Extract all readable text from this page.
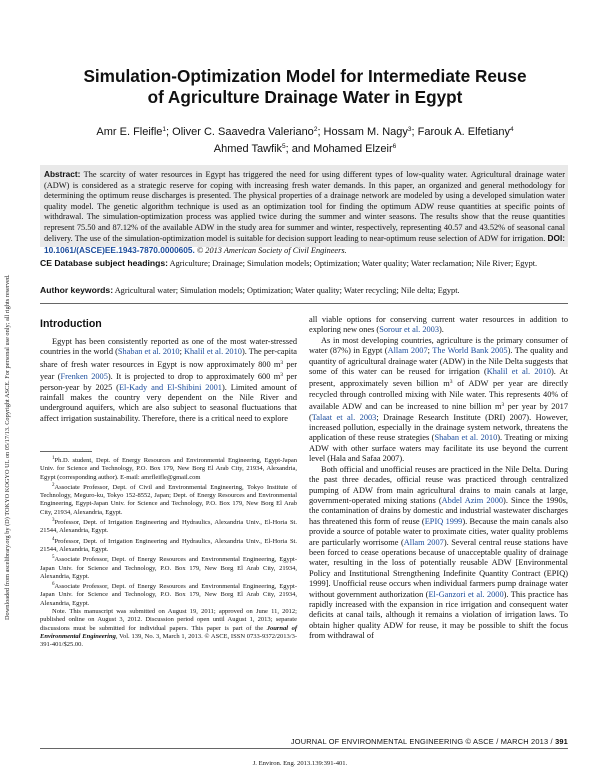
Downloaded from ascelibrary.org by (D) TOKYO KOGYO UL on 05/17/13. Copyright ASCE. For personal use only; all rights reserved.
Simulation-Optimization Model for Intermediate Reuse
of Agriculture Drainage Water in Egypt
Amr E. Fleifle$^1$; Oliver C. Saavedra Valeriano$^2$; Hossam M. Nagy$^3$; Farouk A. Elfetiany$^4$
Ahmed Tawfik$^5$; and Mohamed Elzeir$^6$
Abstract: The scarcity of water resources in Egypt has triggered the need for using different types of low-quality water. Agricultural drainage water (ADW) is considered as a strategic reserve for coping with increasing fresh water demands. In this paper, an organized and general methodology for determining the optimum reuse discharges is presented. The physical properties of a drainage network are modeled by using a developed simulation water quality model. The genetic algorithm technique is used as an optimization tool for finding the optimum ADW reuse quantities at specific points of withdrawal. The simulation-optimization process was applied twice during the summer and winter seasons. The results show that the reuse quantities represent 75.50 and 87.12% of the available ADW in the study area for summer and winter, respectively, representing 40.57 and 43.52% of seasonal canal delivery. The use of the simulation-optimization model is suitable for decision support leading to near-optimum reuse selection of ADW for irrigation. DOI: 10.1061/(ASCE)EE.1943-7870.0000605. © 2013 American Society of Civil Engineers.
CE Database subject headings: Agriculture; Drainage; Simulation models; Optimization; Water quality; Water reclamation; Nile River; Egypt.
Author keywords: Agricultural water; Simulation models; Optimization; Water quality; Water recycling; Nile delta; Egypt.
Introduction
Egypt has been consistently reported as one of the most water-stressed countries in the world (Shaban et al. 2010; Khalil et al. 2010). The per-capita share of fresh water resources in Egypt is now approximately 800 $m^3$ per year (Frenken 2005). It is projected to drop to approximately 600 $m^3$ per person-year by 2025 (El-Kady and El-Shibini 2001). Limited amount of rainfall makes the country very dependent on the Nile River and underground aquifers, which are also subject to seasonal fluctuations that affect irrigation sustainability. Therefore, there is a critical need to explore
$^1$Ph.D. student, Dept. of Energy Resources and Environmental Engineering, Egypt-Japan Univ. for Science and Technology, P.O. Box 179, New Borg El Arab City, 21934, Alexandria, Egypt (corresponding author). E-mail: amrfleifle@gmail.com
$^2$Associate Professor, Dept. of Civil and Environmental Engineering, Tokyo Institute of Technology, Meguro-ku, Tokyo 152-8552, Japan; Dept. of Energy Resources and Environmental Engineering, Egypt-Japan Univ. for Science and Technology, P.O. Box 179, New Borg El Arab City, 21934, Alexandria, Egypt.
$^3$Professor, Dept. of Irrigation Engineering and Hydraulics, Alexandria Univ., El-Horia St. 21544, Alexandria, Egypt.
$^4$Professor, Dept. of Irrigation Engineering and Hydraulics, Alexandria Univ., El-Horia St. 21544, Alexandria, Egypt.
$^5$Associate Professor, Dept. of Energy Resources and Environmental Engineering, Egypt-Japan Univ. for Science and Technology, P.O. Box 179, New Borg El Arab City, 21934, Alexandria, Egypt.
$^6$Associate Professor, Dept. of Energy Resources and Environmental Engineering, Egypt-Japan Univ. for Science and Technology, P.O. Box 179, New Borg El Arab City, 21934, Alexandria, Egypt.
Note. This manuscript was submitted on August 19, 2011; approved on June 11, 2012; published online on August 3, 2012. Discussion period open until August 1, 2013; separate discussions must be submitted for individual papers. This paper is part of the Journal of Environmental Engineering, Vol. 139, No. 3, March 1, 2013. © ASCE, ISSN 0733-9372/2013/3-391-401/$25.00.
all viable options for conserving current water resources in addition to exploring new ones (Sorour et al. 2003).
As in most developing countries, agriculture is the primary consumer of water (87%) in Egypt (Allam 2007; The World Bank 2005). The quality and quantity of agricultural drainage water (ADW) in the Nile Delta suggests that some of this water can be reused for irrigation (Khalil et al. 2010). At present, approximately seven billion $m^3$ of ADW per year are directly recycled through controlled mixing with Nile water. This represents 40% of available ADW and can be increased to nine billion $m^3$ per year by 2017 (Talaat et al. 2003; Drainage Research Institute (DRI) 2007). However, increased pollution, especially in the drainage system network, threatens the application of these reuse strategies (Shaban et al. 2010). Treating or mixing ADW with other surface waters may facilitate its use beyond the current level (Hala and Safaa 2007).
Both official and unofficial reuses are practiced in the Nile Delta. During the past three decades, official reuse was practiced through centralized pumping of ADW from main agricultural drains to main canals at large, government-operated mixing stations (Abdel Azim 2000). Since the 1990s, the contamination of drains by domestic and industrial wastewater discharges has threatened this form of reuse (EPIQ 1999). Because the main canals also provide a source of potable water to proximate cities, water quality problems are particularly worrisome (Allam 2007). Several central reuse stations have been forced to cease operations because of unacceptable quality of drainage water, resulting in the loss of potentially reusable ADW [Environmental Policy and Institutional Strengthening Indefinite Quantity Contract (EPIQ) 1999]. Unofficial reuse occurs when individual farmers pump drainage water without government authorization (El-Ganzori et al. 2000). This practice has rapidly increased with the expansion in rice irrigation and consequent water deficits at canal tails, although it remains a violation of irrigation laws. To obtain higher quality ADW for reuse, it may be possible to shift the focus from withdrawal of
JOURNAL OF ENVIRONMENTAL ENGINEERING © ASCE / MARCH 2013 / 391
J. Environ. Eng. 2013.139:391-401.
